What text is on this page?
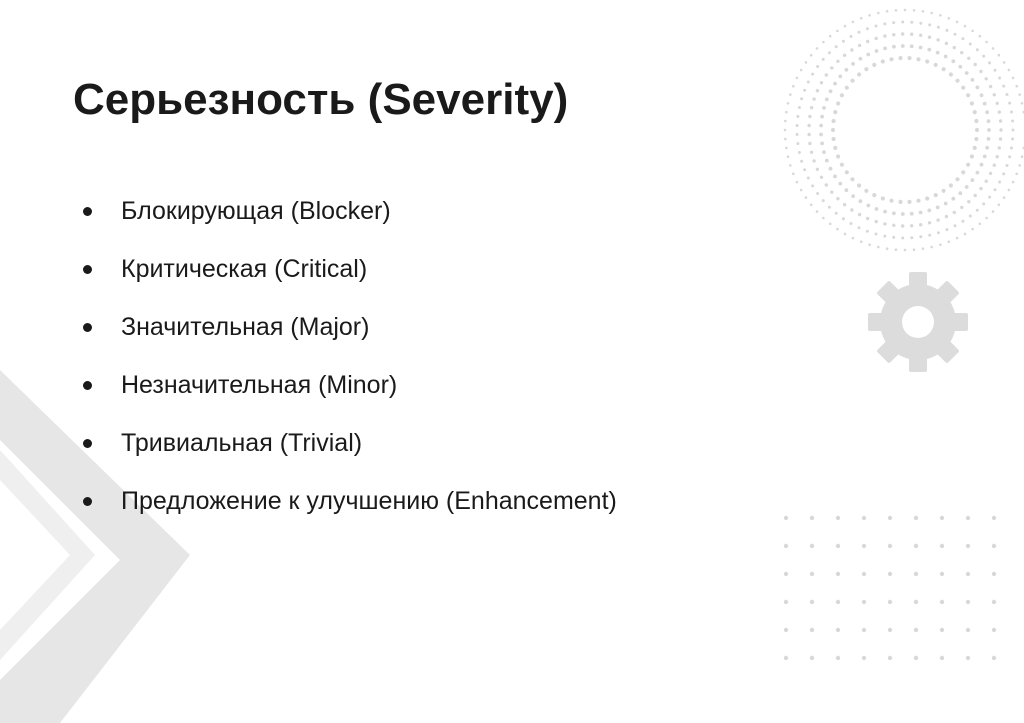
Серьезность (Severity)
Блокирующая (Blocker)
Критическая (Critical)
Значительная (Major)
Незначительная (Minor)
Тривиальная (Trivial)
Предложение к улучшению (Enhancement)
